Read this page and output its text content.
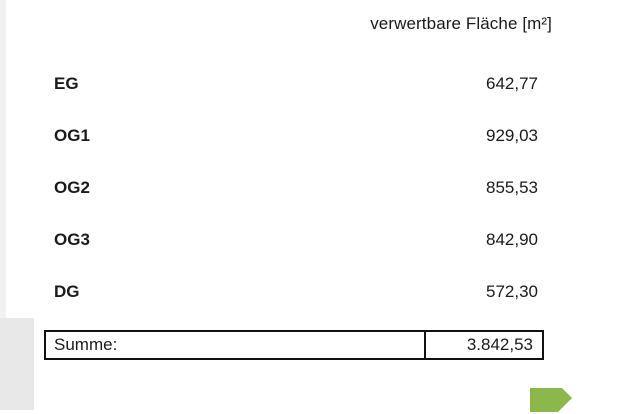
verwertbare Fläche [m²]
EG	642,77
OG1	929,03
OG2	855,53
OG3	842,90
DG	572,30
Summe:	3.842,53
